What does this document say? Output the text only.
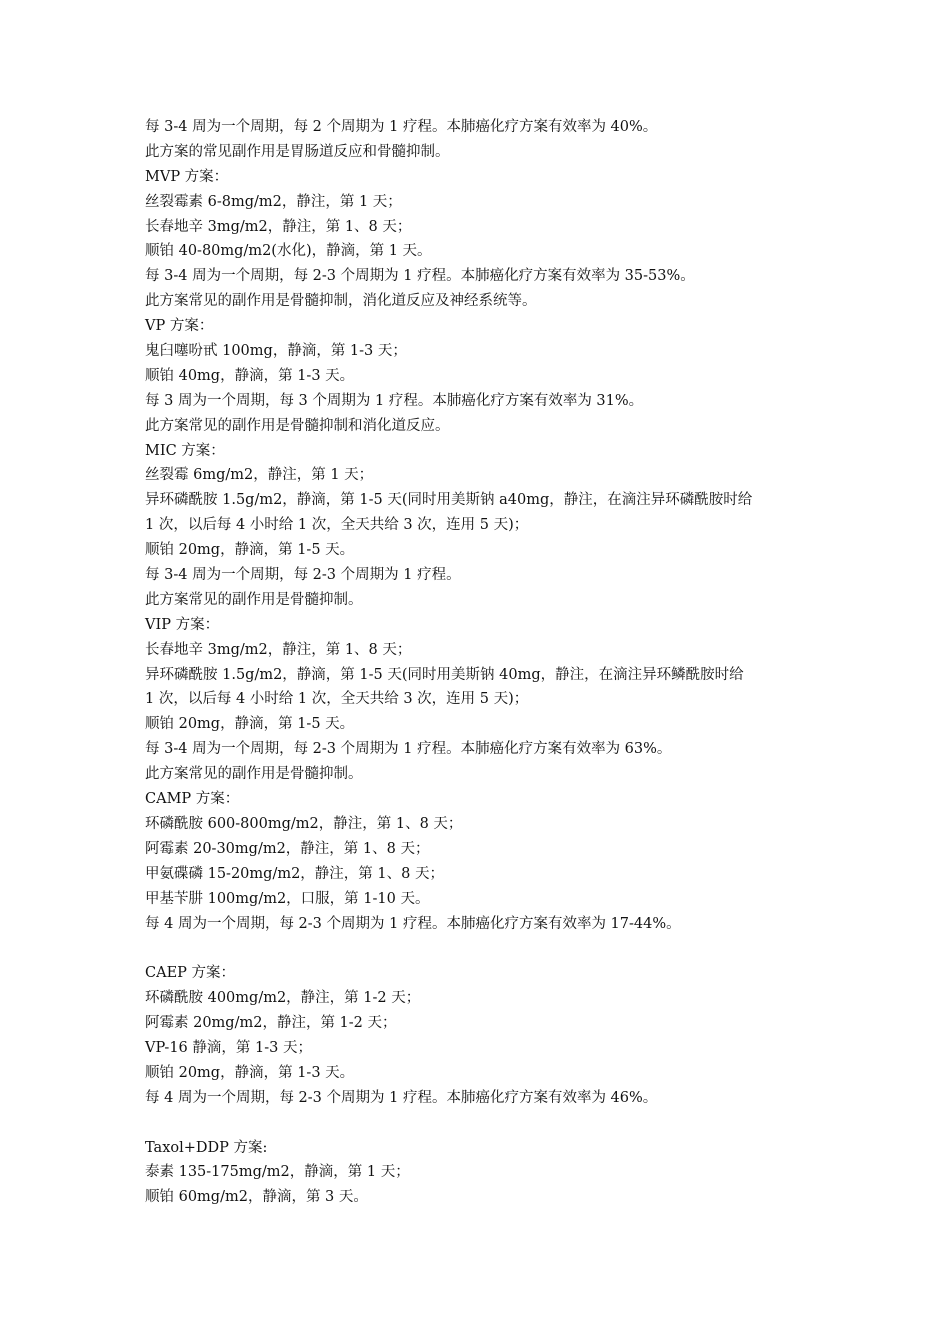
每 3-4 周为一个周期，每 2 个周期为 1 疗程。本肺癌化疗方案有效率为 40%。
此方案的常见副作用是胃肠道反应和骨髓抑制。
MVP 方案：
丝裂霉素 6-8mg/m2，静注，第 1 天；
长春地辛 3mg/m2，静注，第 1、8 天；
顺铂 40-80mg/m2(水化)，静滴，第 1 天。
每 3-4 周为一个周期，每 2-3 个周期为 1 疗程。本肺癌化疗方案有效率为 35-53%。
此方案常见的副作用是骨髓抑制，消化道反应及神经系统等。
VP 方案：
鬼臼噻吩甙 100mg，静滴，第 1-3 天；
顺铂 40mg，静滴，第 1-3 天。
每 3 周为一个周期，每 3 个周期为 1 疗程。本肺癌化疗方案有效率为 31%。
此方案常见的副作用是骨髓抑制和消化道反应。
MIC 方案：
丝裂霉 6mg/m2，静注，第 1 天；
异环磷酰胺 1.5g/m2，静滴，第 1-5 天(同时用美斯钠 a40mg，静注，在滴注异环磷酰胺时给
1 次，以后每 4 小时给 1 次，全天共给 3 次，连用 5 天)；
顺铂 20mg，静滴，第 1-5 天。
每 3-4 周为一个周期，每 2-3 个周期为 1 疗程。
此方案常见的副作用是骨髓抑制。
VIP 方案：
长春地辛 3mg/m2，静注，第 1、8 天；
异环磷酰胺 1.5g/m2，静滴，第 1-5 天(同时用美斯钠 40mg，静注，在滴注异环鳞酰胺时给
1 次，以后每 4 小时给 1 次，全天共给 3 次，连用 5 天)；
顺铂 20mg，静滴，第 1-5 天。
每 3-4 周为一个周期，每 2-3 个周期为 1 疗程。本肺癌化疗方案有效率为 63%。
此方案常见的副作用是骨髓抑制。
CAMP 方案：
环磷酰胺 600-800mg/m2，静注，第 1、8 天；
阿霉素 20-30mg/m2，静注，第 1、8 天；
甲氨碟磷 15-20mg/m2，静注，第 1、8 天；
甲基苄肼 100mg/m2，口服，第 1-10 天。
每 4 周为一个周期，每 2-3 个周期为 1 疗程。本肺癌化疗方案有效率为 17-44%。
CAEP 方案：
环磷酰胺 400mg/m2，静注，第 1-2 天；
阿霉素 20mg/m2，静注，第 1-2 天；
VP-16 静滴，第 1-3 天；
顺铂 20mg，静滴，第 1-3 天。
每 4 周为一个周期，每 2-3 个周期为 1 疗程。本肺癌化疗方案有效率为 46%。
Taxol+DDP 方案:
泰素 135-175mg/m2，静滴，第 1 天；
顺铂 60mg/m2，静滴，第 3 天。
